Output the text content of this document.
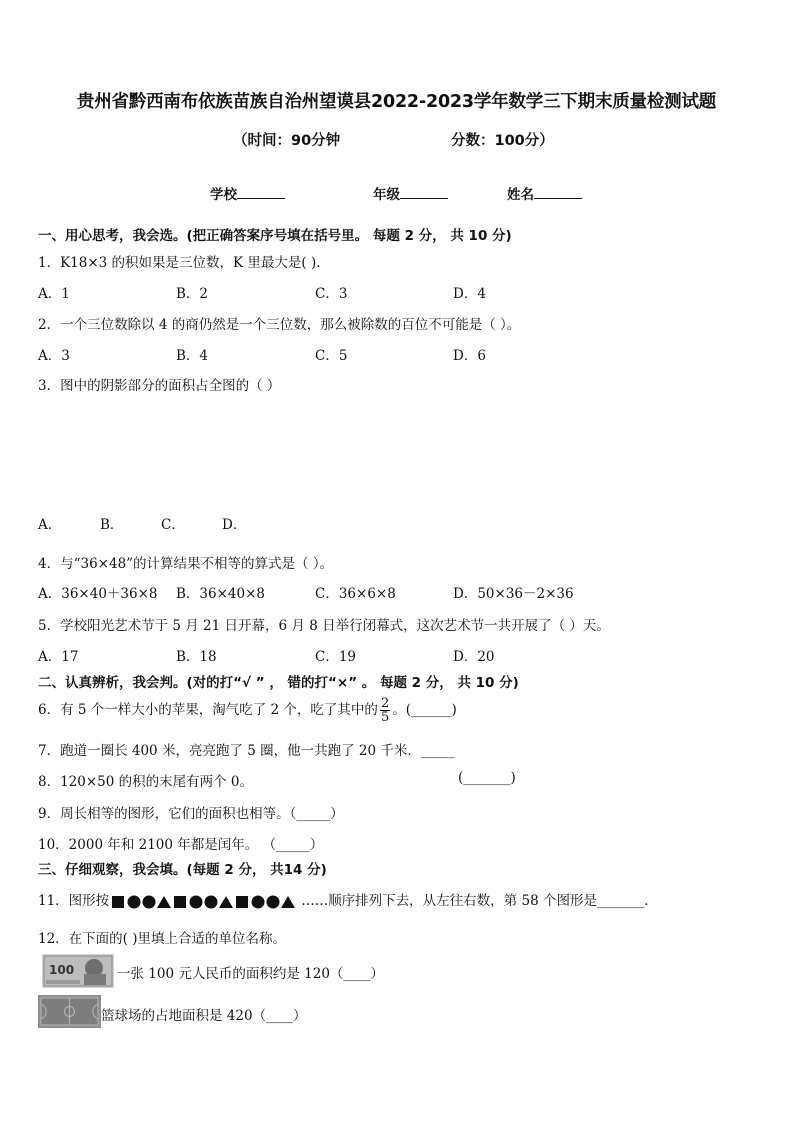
贵州省黔西南布依族苗族自治州望谟县2022-2023学年数学三下期末质量检测试题
（时间：90分钟	分数：100分）
学校	年级	姓名
一、用心思考，我会选。(把正确答案序号填在括号里。 每题 2 分， 共 10 分)
1．K18×3 的积如果是三位数，K 里最大是( ).
A．1	B．2	C．3	D．4
2．一个三位数除以 4 的商仍然是一个三位数，那么被除数的百位不可能是（ ）。
A．3	B．4	C．5	D．6
3．图中的阴影部分的面积占全图的（ ）
A．	B．	C．	D．
4．与“36×48”的计算结果不相等的算式是（ ）。
A．36×40＋36×8 B．36×40×8	C．36×6×8	D．50×36－2×36
5．学校阳光艺术节于 5 月 21 日开幕，6 月 8 日举行闭幕式，这次艺术节一共开展了（ ）天。
A．17	B．18	C．19	D．20
二、认真辨析，我会判。(对的打“√ ” ， 错的打“×” 。 每题 2 分， 共 10 分)
6．有 5 个一样大小的苹果，淘气吃了 2 个，吃了其中的 $\frac{2}{5}$ 。(______)
7．跑道一圈长 400 米，亮亮跑了 5 圈，他一共跑了 20 千米．_____
8．120×50 的积的末尾有两个 0。	(_______)
9．周长相等的图形，它们的面积也相等。（_____）
10．2000 年和 2100 年都是闰年。 （_____）
三、仔细观察，我会填。(每题 2 分， 共14 分)
11．图形按	……顺序排列下去，从左往右数，第 58 个图形是_______．
12．在下面的( )里填上合适的单位名称。
100	一张 100 元人民币的面积约是 120（____）
篮球场的占地面积是 420（____）
